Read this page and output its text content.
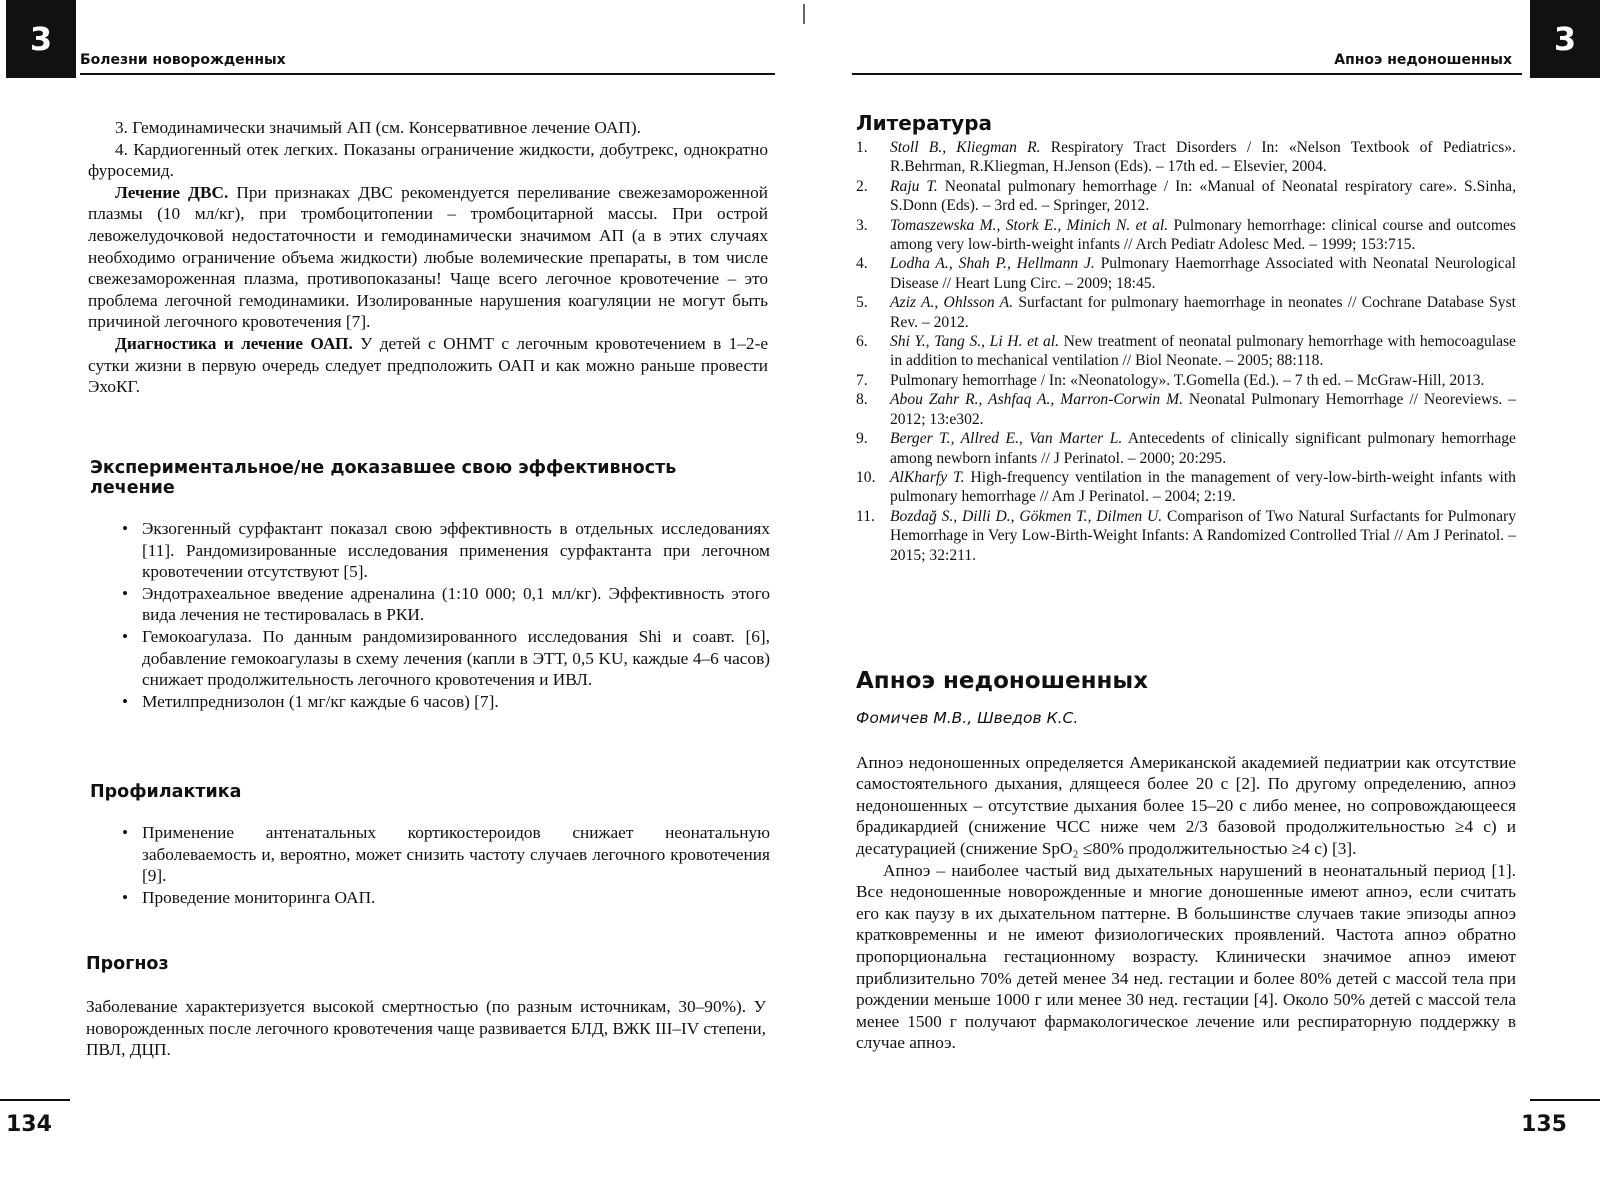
3
Болезни новорожденных

3. Гемодинамически значимый АП (см. Консервативное лечение ОАП).

4. Кардиогенный отек легких. Показаны ограничение жидкости, добутрекс, однократно фуросемид.

Лечение ДВС. При признаках ДВС рекомендуется переливание свежезамороженной плазмы (10 мл/кг), при тромбоцитопении – тромбоцитарной массы. При острой левожелудочковой недостаточности и гемодинамически значимом АП (а в этих случаях необходимо ограничение объема жидкости) любые волемические препараты, в том числе свежезамороженная плазма, противопоказаны! Чаще всего легочное кровотечение – это проблема легочной гемодинамики. Изолированные нарушения коагуляции не могут быть причиной легочного кровотечения [7].

Диагностика и лечение ОАП. У детей с ОНМТ с легочным кровотечением в 1–2-е сутки жизни в первую очередь следует предположить ОАП и как можно раньше провести ЭхоКГ.

Экспериментальное/не доказавшее свою эффективность лечение
• Экзогенный сурфактант показал свою эффективность в отдельных исследованиях [11]. Рандомизированные исследования применения сурфактанта при легочном кровотечении отсутствуют [5].
• Эндотрахеальное введение адреналина (1:10 000; 0,1 мл/кг). Эффективность этого вида лечения не тестировалась в РКИ.
• Гемокоагулаза. По данным рандомизированного исследования Shi и соавт. [6], добавление гемокоагулазы в схему лечения (капли в ЭТТ, 0,5 KU, каждые 4–6 часов) снижает продолжительность легочного кровотечения и ИВЛ.
• Метилпреднизолон (1 мг/кг каждые 6 часов) [7].
Профилактика
• Применение антенатальных кортикостероидов снижает неонатальную заболеваемость и, вероятно, может снизить частоту случаев легочного кровотечения [9].
• Проведение мониторинга ОАП.
Прогноз

Заболевание характеризуется высокой смертностью (по разным источникам, 30–90%). У новорожденных после легочного кровотечения чаще развивается БЛД, ВЖК III–IV степени, ПВЛ, ДЦП.

134
Апноэ недоношенных
3
Литература
1. Stoll B., Kliegman R. Respiratory Tract Disorders / In: «Nelson Textbook of Pediatrics». R.Behrman, R.Kliegman, H.Jenson (Eds). – 17th ed. – Elsevier, 2004.
2. Raju T. Neonatal pulmonary hemorrhage / In: «Manual of Neonatal respiratory care». S.Sinha, S.Donn (Eds). – 3rd ed. – Springer, 2012.
3. Tomaszewska M., Stork E., Minich N. et al. Pulmonary hemorrhage: clinical course and outcomes among very low-birth-weight infants // Arch Pediatr Adolesc Med. – 1999; 153:715.
4. Lodha A., Shah P., Hellmann J. Pulmonary Haemorrhage Associated with Neonatal Neurological Disease // Heart Lung Circ. – 2009; 18:45.
5. Aziz A., Ohlsson A. Surfactant for pulmonary haemorrhage in neonates // Cochrane Database Syst Rev. – 2012.
6. Shi Y., Tang S., Li H. et al. New treatment of neonatal pulmonary hemorrhage with hemocoagulase in addition to mechanical ventilation // Biol Neonate. – 2005; 88:118.
7. Pulmonary hemorrhage / In: «Neonatology». T.Gomella (Ed.). – 7 th ed. – McGraw-Hill, 2013.
8. Abou Zahr R., Ashfaq A., Marron-Corwin M. Neonatal Pulmonary Hemorrhage // Neoreviews. – 2012; 13:e302.
9. Berger T., Allred E., Van Marter L. Antecedents of clinically significant pulmonary hemorrhage among newborn infants // J Perinatol. – 2000; 20:295.
10. AlKharfy T. High-frequency ventilation in the management of very-low-birth-weight infants with pulmonary hemorrhage // Am J Perinatol. – 2004; 2:19.
11. Bozdağ S., Dilli D., Gökmen T., Dilmen U. Comparison of Two Natural Surfactants for Pulmonary Hemorrhage in Very Low-Birth-Weight Infants: A Randomized Controlled Trial // Am J Perinatol. – 2015; 32:211.
Апноэ недоношенных
Фомичев М.В., Шведов К.С.

Апноэ недоношенных определяется Американской академией педиатрии как отсутствие самостоятельного дыхания, длящееся более 20 с [2]. По другому определению, апноэ недоношенных – отсутствие дыхания более 15–20 с либо менее, но сопровождающееся брадикардией (снижение ЧСС ниже чем 2/3 базовой продолжительностью ≥4 с) и десатурацией (снижение SpO₂ ≤80% продолжительностью ≥4 с) [3].

Апноэ – наиболее частый вид дыхательных нарушений в неонатальный период [1]. Все недоношенные новорожденные и многие доношенные имеют апноэ, если считать его как паузу в их дыхательном паттерне. В большинстве случаев такие эпизоды апноэ кратковременны и не имеют физиологических проявлений. Частота апноэ обратно пропорциональна гестационному возрасту. Клинически значимое апноэ имеют приблизительно 70% детей менее 34 нед. гестации и более 80% детей с массой тела при рождении меньше 1000 г или менее 30 нед. гестации [4]. Около 50% детей с массой тела менее 1500 г получают фармакологическое лечение или респираторную поддержку в случае апноэ.

135
